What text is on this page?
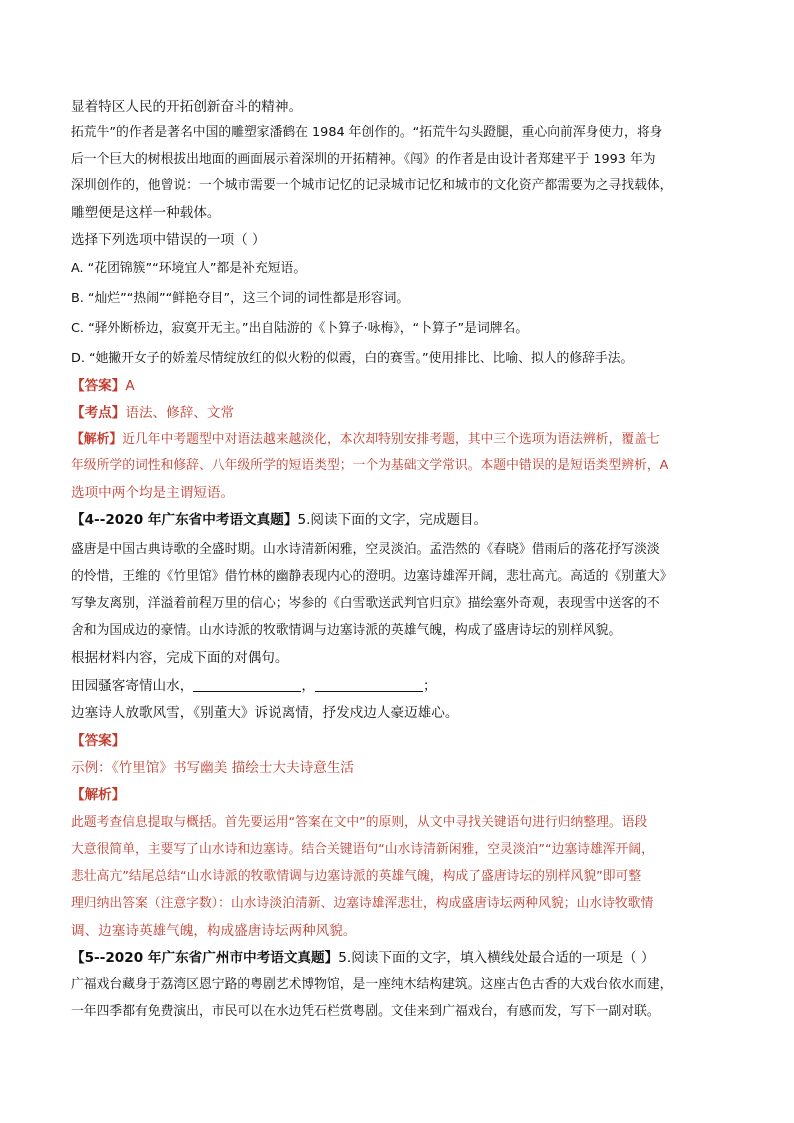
显着特区人民的开拓创新奋斗的精神。
拓荒牛”的作者是著名中国的雕塑家潘鹤在 1984 年创作的。“拓荒牛勾头蹬腿，重心向前浑身使力，将身
后一个巨大的树根拔出地面的画面展示着深圳的开拓精神。《闯》的作者是由设计者郑建平于 1993 年为
深圳创作的，他曾说：一个城市需要一个城市记忆的记录城市记忆和城市的文化资产都需要为之寻找载体，
雕塑便是这样一种载体。
选择下列选项中错误的一项（ ）
A. “花团锦簇”“环境宜人”都是补充短语。
B. “灿烂”“热闹”“鲜艳夺目”，这三个词的词性都是形容词。
C. “驿外断桥边，寂寞开无主。”出自陆游的《卜算子·咏梅》，“卜算子”是词牌名。
D. “她撇开女子的娇羞尽情绽放红的似火粉的似霞，白的赛雪。”使用排比、比喻、拟人的修辞手法。
【答案】A
【考点】语法、修辞、文常
【解析】近几年中考题型中对语法越来越淡化，本次却特别安排考题，其中三个选项为语法辨析，覆盖七
年级所学的词性和修辞、八年级所学的短语类型；一个为基础文学常识。本题中错误的是短语类型辨析，A
选项中两个均是主谓短语。
【4--2020 年广东省中考语文真题】5.阅读下面的文字，完成题目。
盛唐是中国古典诗歌的全盛时期。山水诗清新闲雅，空灵淡泊。孟浩然的《春晓》借雨后的落花抒写淡淡
的怜惜，王维的《竹里馆》借竹林的幽静表现内心的澄明。边塞诗雄浑开阔，悲壮高亢。高适的《别董大》
写挚友离别，洋溢着前程万里的信心；岑参的《白雪歌送武判官归京》描绘塞外奇观，表现雪中送客的不
舍和为国成边的豪情。山水诗派的牧歌情调与边塞诗派的英雄气魄，构成了盛唐诗坛的别样风貌。
根据材料内容，完成下面的对偶句。
田园骚客寄情山水，	，	；
边塞诗人放歌风雪，《别董大》诉说离情，抒发戍边人豪迈雄心。
【答案】
示例：《竹里馆》书写幽美 描绘士大夫诗意生活
【解析】
此题考查信息提取与概括。首先要运用“答案在文中”的原则，从文中寻找关键语句进行归纳整理。语段
大意很简单，主要写了山水诗和边塞诗。结合关键语句“山水诗清新闲雅，空灵淡泊”“边塞诗雄浑开阔，
悲壮高亢”结尾总结“山水诗派的牧歌情调与边塞诗派的英雄气魄，构成了盛唐诗坛的别样风貌”即可整
理归纳出答案（注意字数）：山水诗淡泊清新、边塞诗雄浑悲壮，构成盛唐诗坛两种风貌；山水诗牧歌情
调、边塞诗英雄气魄，构成盛唐诗坛两种风貌。
【5--2020 年广东省广州市中考语文真题】5.阅读下面的文字，填入横线处最合适的一项是（ ）
广福戏台藏身于荔湾区恩宁路的粤剧艺术博物馆，是一座纯木结构建筑。这座古色古香的大戏台依水而建，
一年四季都有免费演出，市民可以在水边凭石栏赏粤剧。文佳来到广福戏台，有感而发，写下一副对联。
